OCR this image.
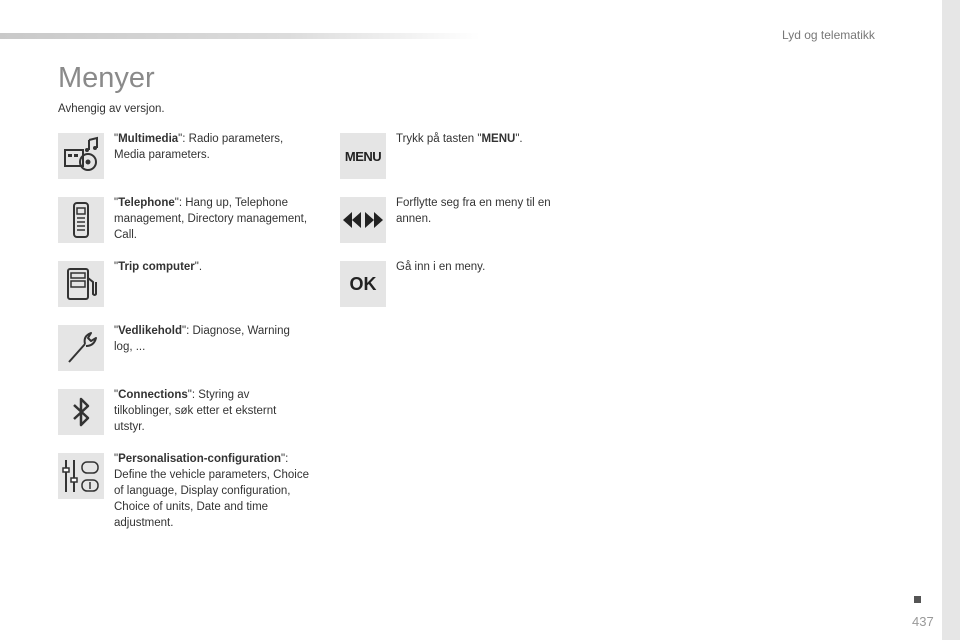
Lyd og telematikk
Menyer
Avhengig av versjon.
"Multimedia": Radio parameters, Media parameters.
"Telephone": Hang up, Telephone management, Directory management, Call.
"Trip computer".
"Vedlikehold": Diagnose, Warning log, ...
"Connections": Styring av tilkoblinger, søk etter et eksternt utstyr.
"Personalisation-configuration": Define the vehicle parameters, Choice of language, Display configuration, Choice of units, Date and time adjustment.
MENU
Trykk på tasten "MENU".
Forflytte seg fra en meny til en annen.
OK
Gå inn i en meny.
437
